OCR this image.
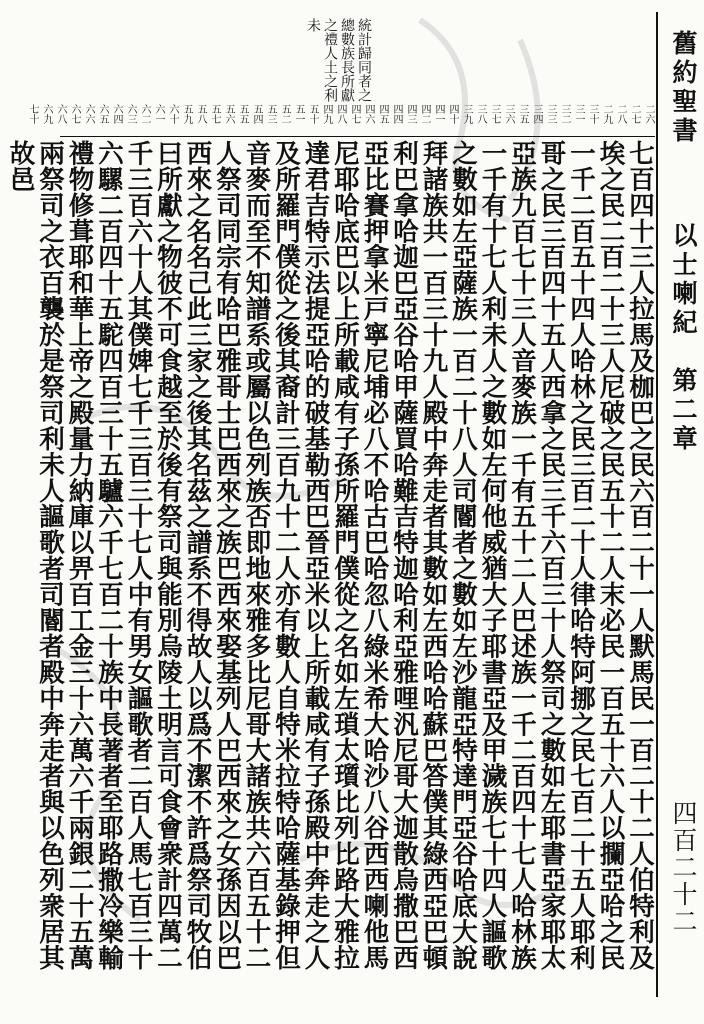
舊約聖書
以士喇紀　第二章
四百二十二
統計歸同者之總數族長所獻之禮人土之利未
二六
二七
二八
二九
三十
三一
三二
三三
三四
三五
三六
三七
三八
三九
四十
四一
四二
四三
四四
四五
四六
四七
四八
四九
五十
五一
五二
五三
五四
五五
五六
五七
五八
五九
六十
六一
六二
六三
六四
六五
六六
六七
六八
六九
七十
七百四十三人拉馬及枷巴之民六百二十一人默馬民一百二十二人伯特利及埃之民二百二十三人尼破之民五十二人末必民一百五十六人以攔亞哈之民一千二百五十四人哈林之民三百二十人律哈特阿挪之民七百二十五人耶利哥之民三百四十五人西拿之民三千六百三十人祭司之數如左耶書亞家耶太亞族九百七十三人音麥族一千有五十二人巴述族一千二百四十七人哈林族一千有十七人利未人之數如左何他威猶大子耶書亞及甲濊族七十四人謳歌之數如左亞薩族一百二十八人司閽者之數如左沙龍亞特達門亞谷哈底大說拜諸族共一百三十九人殿中奔走者其數如左西哈哈蘇巴答僕其綠西亞巴頓利巴拿哈迦巴亞谷哈甲薩買哈難吉特迦哈利亞雅哩汎尼哥大迦散烏撒巴西亞比賽押拿米戸寧尼埔必八不哈古巴哈忽八綠米希大哈沙八谷西西喇他馬尼耶哈底巴以上所載咸有子孫所羅門僕從之名如左瑣太瓆比列比路大雅拉達君吉特示法提亞哈的破基勒西巴晉亞米以上所載咸有子孫殿中奔走之人及所羅門僕從之後其裔計三百九十二人亦有數人自特米拉特哈薩基錄押但音麥而至不知譜系或屬以色列族否即地來雅多比尼哥大諸族共六百五十二人祭司同宗有哈巴雅哥士巴西來之族巴西來娶基列人巴西來之女孫因以巴西來之名名己此三家之後其名茲之譜系不得故人以爲不潔不許爲祭司牧伯曰所獻之物彼不可食越至於後有祭司與能別烏陵土明言可食會衆計四萬二千三百六十人其僕婢七千三百三十七人中有男女謳歌者二百人馬七百三十六騾二百四十五駝四百三十五驢六千七百二十族中長著者至耶路撒冷樂輸禮物修葺耶和華上帝之殿量力納庫以畀百工金三十六萬六千兩銀二十五萬兩祭司之衣百襲於是祭司利未人謳歌者司閽者殿中奔走者與以色列衆居其故邑
